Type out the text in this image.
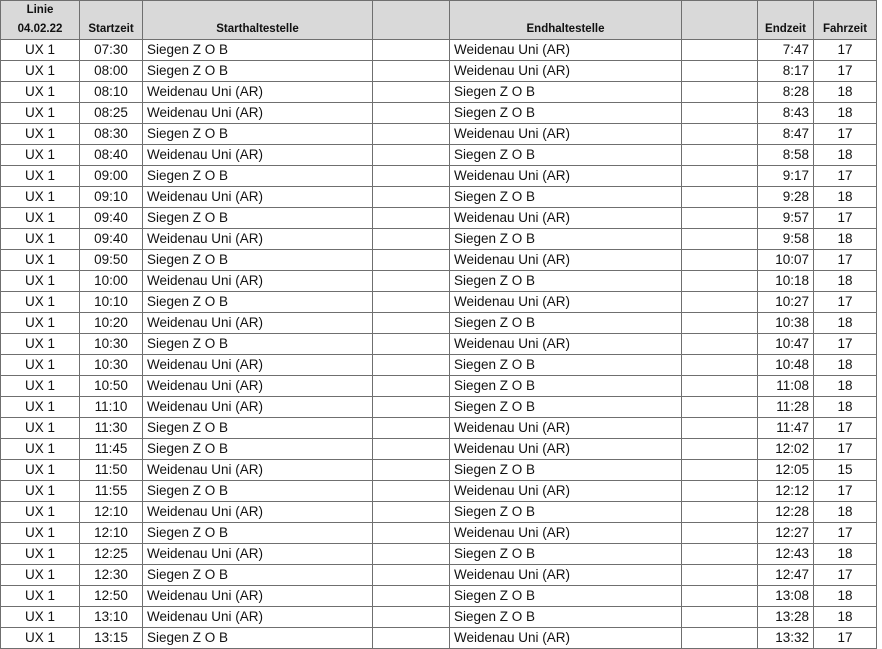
Linie							
04.02.22	Startzeit	Starthaltestelle		Endhaltestelle		Endzeit	Fahrzeit
UX 1	07:30	Siegen Z O B		Weidenau Uni (AR)		7:47	17
UX 1	08:00	Siegen Z O B		Weidenau Uni (AR)		8:17	17
UX 1	08:10	Weidenau Uni (AR)		Siegen Z O B		8:28	18
UX 1	08:25	Weidenau Uni (AR)		Siegen Z O B		8:43	18
UX 1	08:30	Siegen Z O B		Weidenau Uni (AR)		8:47	17
UX 1	08:40	Weidenau Uni (AR)		Siegen Z O B		8:58	18
UX 1	09:00	Siegen Z O B		Weidenau Uni (AR)		9:17	17
UX 1	09:10	Weidenau Uni (AR)		Siegen Z O B		9:28	18
UX 1	09:40	Siegen Z O B		Weidenau Uni (AR)		9:57	17
UX 1	09:40	Weidenau Uni (AR)		Siegen Z O B		9:58	18
UX 1	09:50	Siegen Z O B		Weidenau Uni (AR)		10:07	17
UX 1	10:00	Weidenau Uni (AR)		Siegen Z O B		10:18	18
UX 1	10:10	Siegen Z O B		Weidenau Uni (AR)		10:27	17
UX 1	10:20	Weidenau Uni (AR)		Siegen Z O B		10:38	18
UX 1	10:30	Siegen Z O B		Weidenau Uni (AR)		10:47	17
UX 1	10:30	Weidenau Uni (AR)		Siegen Z O B		10:48	18
UX 1	10:50	Weidenau Uni (AR)		Siegen Z O B		11:08	18
UX 1	11:10	Weidenau Uni (AR)		Siegen Z O B		11:28	18
UX 1	11:30	Siegen Z O B		Weidenau Uni (AR)		11:47	17
UX 1	11:45	Siegen Z O B		Weidenau Uni (AR)		12:02	17
UX 1	11:50	Weidenau Uni (AR)		Siegen Z O B		12:05	15
UX 1	11:55	Siegen Z O B		Weidenau Uni (AR)		12:12	17
UX 1	12:10	Weidenau Uni (AR)		Siegen Z O B		12:28	18
UX 1	12:10	Siegen Z O B		Weidenau Uni (AR)		12:27	17
UX 1	12:25	Weidenau Uni (AR)		Siegen Z O B		12:43	18
UX 1	12:30	Siegen Z O B		Weidenau Uni (AR)		12:47	17
UX 1	12:50	Weidenau Uni (AR)		Siegen Z O B		13:08	18
UX 1	13:10	Weidenau Uni (AR)		Siegen Z O B		13:28	18
UX 1	13:15	Siegen Z O B		Weidenau Uni (AR)		13:32	17
